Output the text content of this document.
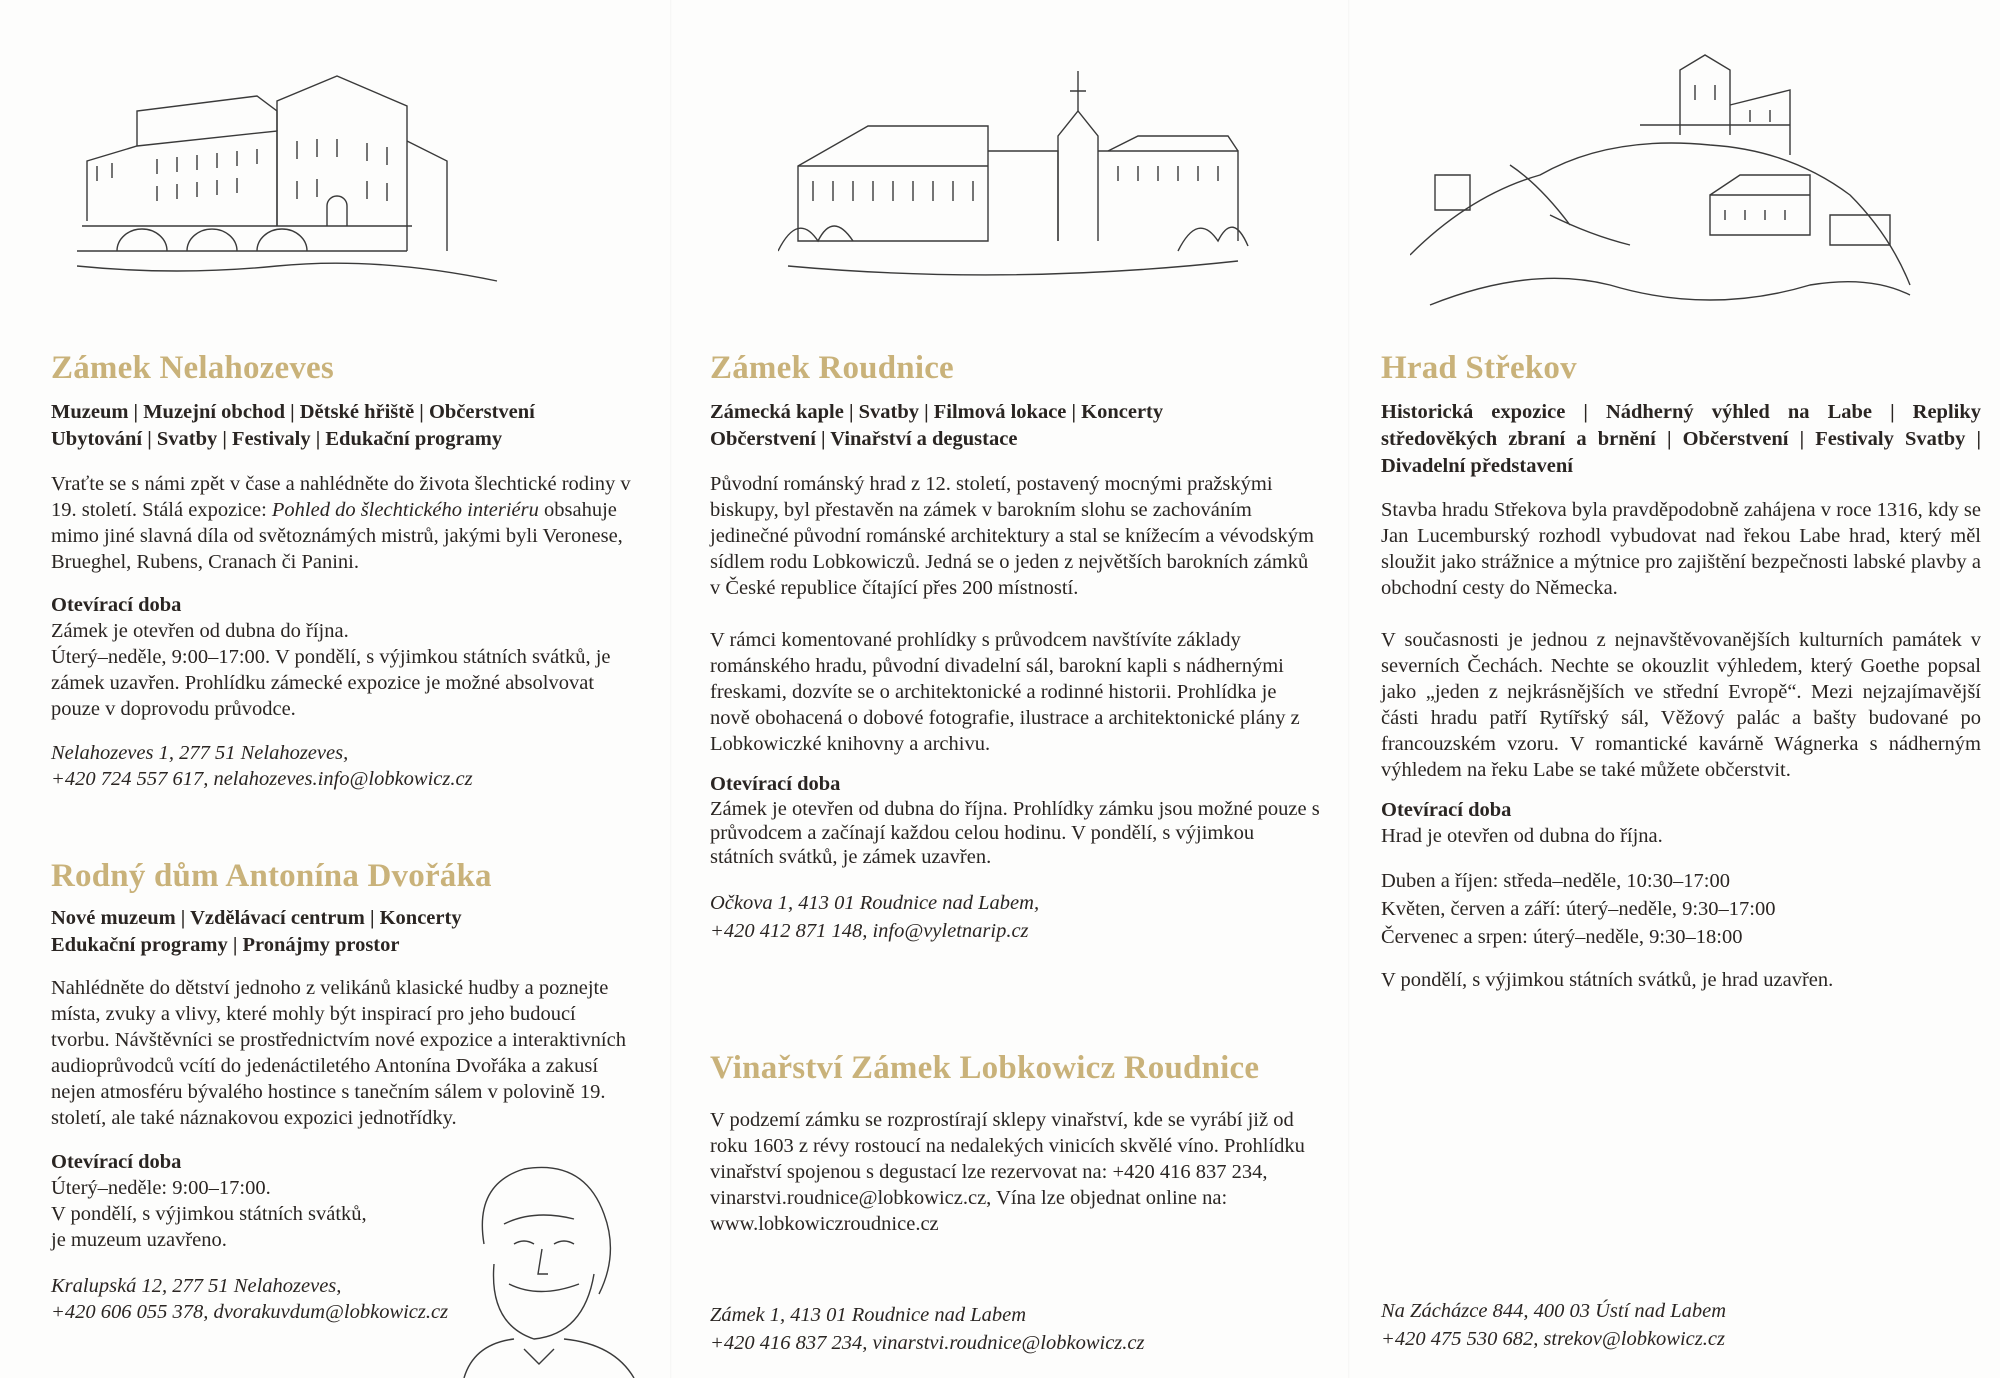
Zámek Nelahozeves
Muzeum | Muzejní obchod | Dětské hřiště | Občerstvení
Ubytování | Svatby | Festivaly | Edukační programy

Vraťte se s námi zpět v čase a nahlédněte do života šlechtické rodiny v 19. století. Stálá expozice: Pohled do šlechtického interiéru obsahuje mimo jiné slavná díla od světoznámých mistrů, jakými byli Veronese, Brueghel, Rubens, Cranach či Panini.

Otevírací doba
Zámek je otevřen od dubna do října.
Úterý–neděle, 9:00–17:00. V pondělí, s výjimkou státních svátků, je zámek uzavřen. Prohlídku zámecké expozice je možné absolvovat pouze v doprovodu průvodce.
Nelahozeves 1, 277 51 Nelahozeves,
+420 724 557 617, nelahozeves.info@lobkowicz.cz
Rodný dům Antonína Dvořáka
Nové muzeum | Vzdělávací centrum | Koncerty
Edukační programy | Pronájmy prostor

Nahlédněte do dětství jednoho z velikánů klasické hudby a poznejte místa, zvuky a vlivy, které mohly být inspirací pro jeho budoucí tvorbu. Návštěvníci se prostřednictvím nové expozice a interaktivních audioprůvodců vcítí do jedenáctiletého Antonína Dvořáka a zakusí nejen atmosféru bývalého hostince s tanečním sálem v polovině 19. století, ale také náznakovou expozici jednotřídky.

Otevírací doba
Úterý–neděle: 9:00–17:00.
V pondělí, s výjimkou státních svátků,
je muzeum uzavřeno.
Kralupská 12, 277 51 Nelahozeves,
+420 606 055 378, dvorakuvdum@lobkowicz.cz
Zámek Roudnice
Zámecká kaple | Svatby | Filmová lokace | Koncerty
Občerstvení | Vinařství a degustace

Původní románský hrad z 12. století, postavený mocnými pražskými biskupy, byl přestavěn na zámek v barokním slohu se zachováním jedinečné původní románské architektury a stal se knížecím a vévodským sídlem rodu Lobkowiczů. Jedná se o jeden z největších barokních zámků v České republice čítající přes 200 místností.

V rámci komentované prohlídky s průvodcem navštívíte základy románského hradu, původní divadelní sál, barokní kapli s nádhernými freskami, dozvíte se o architektonické a rodinné historii. Prohlídka je nově obohacená o dobové fotografie, ilustrace a architektonické plány z Lobkowiczké knihovny a archivu.

Otevírací doba
Zámek je otevřen od dubna do října. Prohlídky zámku jsou možné pouze s průvodcem a začínají každou celou hodinu. V pondělí, s výjimkou státních svátků, je zámek uzavřen.
Očkova 1, 413 01 Roudnice nad Labem,
+420 412 871 148, info@vyletnarip.cz
Vinařství Zámek Lobkowicz Roudnice

V podzemí zámku se rozprostírají sklepy vinařství, kde se vyrábí již od roku 1603 z révy rostoucí na nedalekých vinicích skvělé víno. Prohlídku vinařství spojenou s degustací lze rezervovat na: +420 416 837 234, vinarstvi.roudnice@lobkowicz.cz, Vína lze objednat online na: www.lobkowiczroudnice.cz

Zámek 1, 413 01 Roudnice nad Labem
+420 416 837 234, vinarstvi.roudnice@lobkowicz.cz
Hrad Střekov
Historická expozice | Nádherný výhled na Labe | Repliky středověkých zbraní a brnění | Občerstvení | Festivaly Svatby | Divadelní představení

Stavba hradu Střekova byla pravděpodobně zahájena v roce 1316, kdy se Jan Lucemburský rozhodl vybudovat nad řekou Labe hrad, který měl sloužit jako strážnice a mýtnice pro zajištění bezpečnosti labské plavby a obchodní cesty do Německa.

V současnosti je jednou z nejnavštěvovanějších kulturních památek v severních Čechách. Nechte se okouzlit výhledem, který Goethe popsal jako „jeden z nejkrásnějších ve střední Evropě“. Mezi nejzajímavější části hradu patří Rytířský sál, Věžový palác a bašty budované po francouzském vzoru. V romantické kavárně Wágnerka s nádherným výhledem na řeku Labe se také můžete občerstvit.

Otevírací doba
Hrad je otevřen od dubna do října.
Duben a říjen: středa–neděle, 10:30–17:00
Květen, červen a září: úterý–neděle, 9:30–17:00
Červenec a srpen: úterý–neděle, 9:30–18:00
V pondělí, s výjimkou státních svátků, je hrad uzavřen.
Na Zácházce 844, 400 03 Ústí nad Labem
+420 475 530 682, strekov@lobkowicz.cz
